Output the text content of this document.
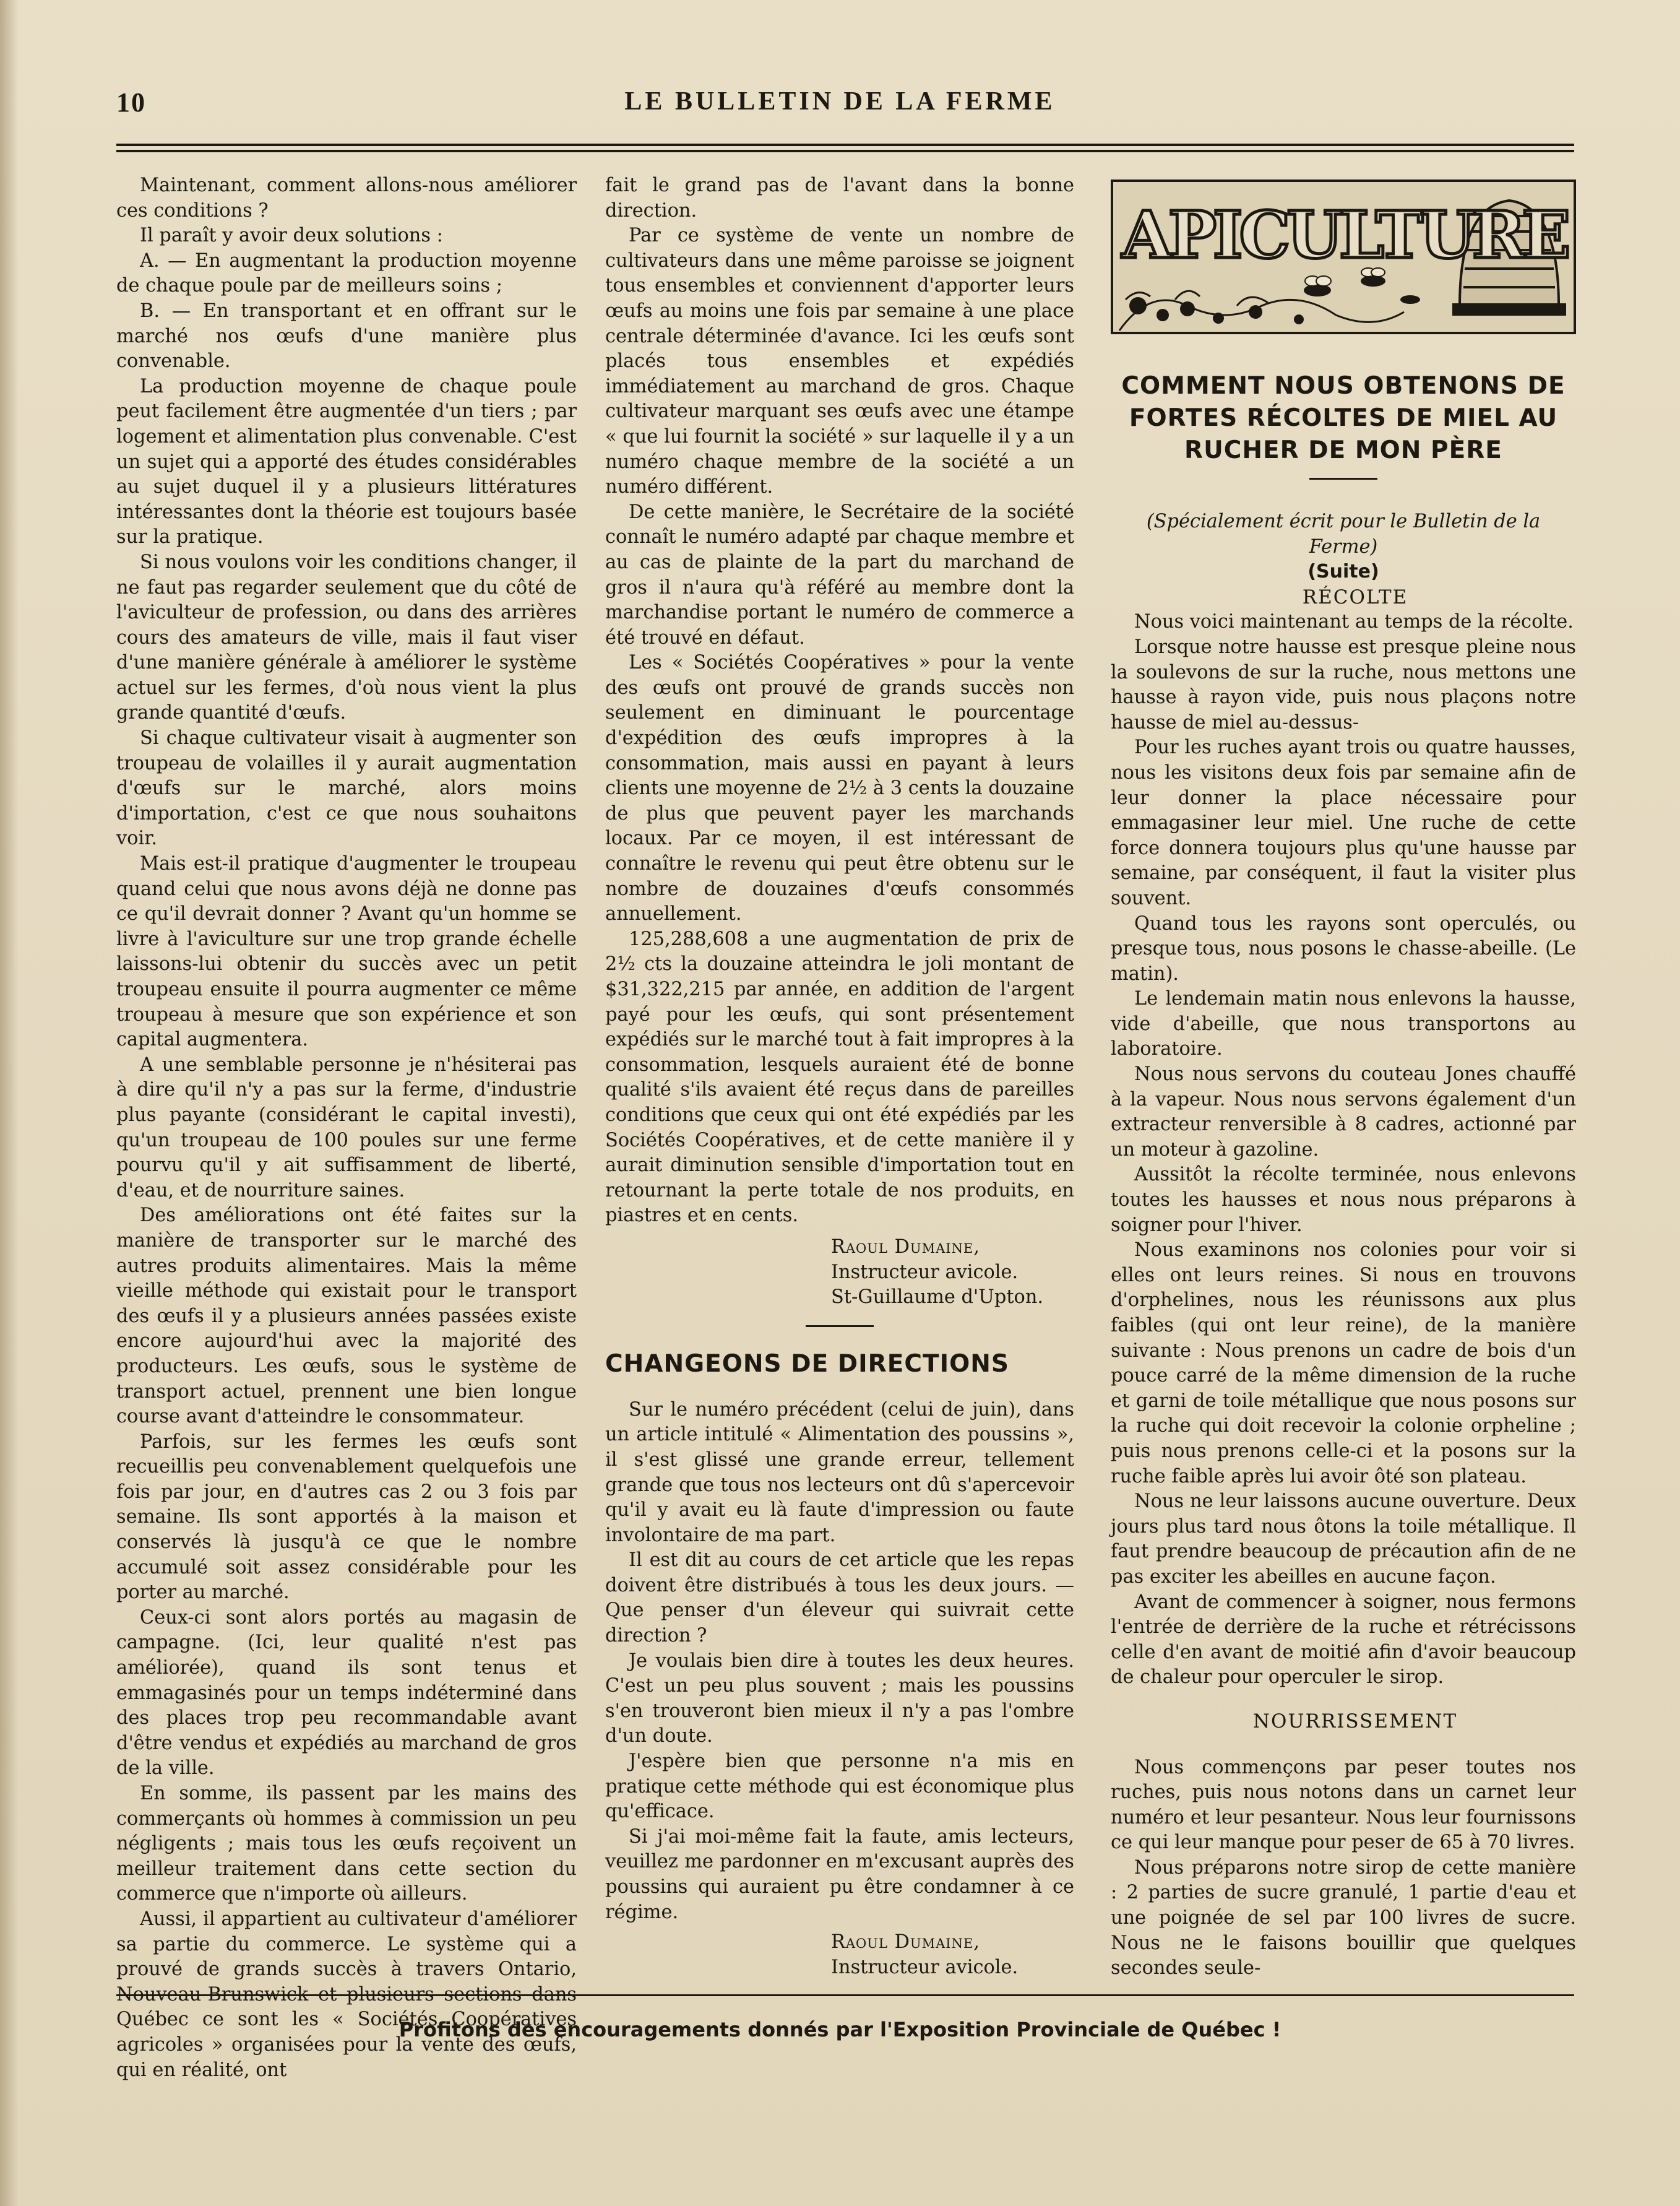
10	LE BULLETIN DE LA FERME

Maintenant, comment allons-nous améliorer ces conditions ?

Il paraît y avoir deux solutions :

A. — En augmentant la production moyenne de chaque poule par de meilleurs soins ;

B. — En transportant et en offrant sur le marché nos œufs d'une manière plus convenable.

La production moyenne de chaque poule peut facilement être augmentée d'un tiers ; par logement et alimentation plus convenable. C'est un sujet qui a apporté des études considérables au sujet duquel il y a plusieurs littératures intéressantes dont la théorie est toujours basée sur la pratique.

Si nous voulons voir les conditions changer, il ne faut pas regarder seulement que du côté de l'aviculteur de profession, ou dans des arrières cours des amateurs de ville, mais il faut viser d'une manière générale à améliorer le système actuel sur les fermes, d'où nous vient la plus grande quantité d'œufs.

Si chaque cultivateur visait à augmenter son troupeau de volailles il y aurait augmentation d'œufs sur le marché, alors moins d'importation, c'est ce que nous souhaitons voir.

Mais est-il pratique d'augmenter le troupeau quand celui que nous avons déjà ne donne pas ce qu'il devrait donner ? Avant qu'un homme se livre à l'aviculture sur une trop grande échelle laissons-lui obtenir du succès avec un petit troupeau ensuite il pourra augmenter ce même troupeau à mesure que son expérience et son capital augmentera.

A une semblable personne je n'hésiterai pas à dire qu'il n'y a pas sur la ferme, d'industrie plus payante (considérant le capital investi), qu'un troupeau de 100 poules sur une ferme pourvu qu'il y ait suffisamment de liberté, d'eau, et de nourriture saines.

Des améliorations ont été faites sur la manière de transporter sur le marché des autres produits alimentaires. Mais la même vieille méthode qui existait pour le transport des œufs il y a plusieurs années passées existe encore aujourd'hui avec la majorité des producteurs. Les œufs, sous le système de transport actuel, prennent une bien longue course avant d'atteindre le consommateur.

Parfois, sur les fermes les œufs sont recueillis peu convenablement quelquefois une fois par jour, en d'autres cas 2 ou 3 fois par semaine. Ils sont apportés à la maison et conservés là jusqu'à ce que le nombre accumulé soit assez considérable pour les porter au marché.

Ceux-ci sont alors portés au magasin de campagne. (Ici, leur qualité n'est pas améliorée), quand ils sont tenus et emmagasinés pour un temps indéterminé dans des places trop peu recommandable avant d'être vendus et expédiés au marchand de gros de la ville.

En somme, ils passent par les mains des commerçants où hommes à commission un peu négligents ; mais tous les œufs reçoivent un meilleur traitement dans cette section du commerce que n'importe où ailleurs.

Aussi, il appartient au cultivateur d'améliorer sa partie du commerce. Le système qui a prouvé de grands succès à travers Ontario, Nouveau-Brunswick et plusieurs sections dans Québec ce sont les « Sociétés Coopératives agricoles » organisées pour la vente des œufs, qui en réalité, ont

fait le grand pas de l'avant dans la bonne direction.

Par ce système de vente un nombre de cultivateurs dans une même paroisse se joignent tous ensembles et conviennent d'apporter leurs œufs au moins une fois par semaine à une place centrale déterminée d'avance. Ici les œufs sont placés tous ensembles et expédiés immédiatement au marchand de gros. Chaque cultivateur marquant ses œufs avec une étampe « que lui fournit la société » sur laquelle il y a un numéro chaque membre de la société a un numéro différent.

De cette manière, le Secrétaire de la société connaît le numéro adapté par chaque membre et au cas de plainte de la part du marchand de gros il n'aura qu'à référé au membre dont la marchandise portant le numéro de commerce a été trouvé en défaut.

Les « Sociétés Coopératives » pour la vente des œufs ont prouvé de grands succès non seulement en diminuant le pourcentage d'expédition des œufs impropres à la consommation, mais aussi en payant à leurs clients une moyenne de 2½ à 3 cents la douzaine de plus que peuvent payer les marchands locaux. Par ce moyen, il est intéressant de connaître le revenu qui peut être obtenu sur le nombre de douzaines d'œufs consommés annuellement.

125,288,608 a une augmentation de prix de 2½ cts la douzaine atteindra le joli montant de $31,322,215 par année, en addition de l'argent payé pour les œufs, qui sont présentement expédiés sur le marché tout à fait impropres à la consommation, lesquels auraient été de bonne qualité s'ils avaient été reçus dans de pareilles conditions que ceux qui ont été expédiés par les Sociétés Coopératives, et de cette manière il y aurait diminution sensible d'importation tout en retournant la perte totale de nos produits, en piastres et en cents.

Raoul Dumaine,

Instructeur avicole.

St-Guillaume d'Upton.

CHANGEONS DE DIRECTIONS

Sur le numéro précédent (celui de juin), dans un article intitulé « Alimentation des poussins », il s'est glissé une grande erreur, tellement grande que tous nos lecteurs ont dû s'apercevoir qu'il y avait eu là faute d'impression ou faute involontaire de ma part.

Il est dit au cours de cet article que les repas doivent être distribués à tous les deux jours. — Que penser d'un éleveur qui suivrait cette direction ?

Je voulais bien dire à toutes les deux heures. C'est un peu plus souvent ; mais les poussins s'en trouveront bien mieux il n'y a pas l'ombre d'un doute.

J'espère bien que personne n'a mis en pratique cette méthode qui est économique plus qu'efficace.

Si j'ai moi-même fait la faute, amis lecteurs, veuillez me pardonner en m'excusant auprès des poussins qui auraient pu être condamner à ce régime.

Raoul Dumaine,

Instructeur avicole.

APICULTURE
COMMENT NOUS OBTENONS DE FORTES RÉCOLTES DE MIEL AU RUCHER DE MON PÈRE

(Spécialement écrit pour le Bulletin de la Ferme)

(Suite)

RÉCOLTE

Nous voici maintenant au temps de la récolte.

Lorsque notre hausse est presque pleine nous la soulevons de sur la ruche, nous mettons une hausse à rayon vide, puis nous plaçons notre hausse de miel au-dessus-

Pour les ruches ayant trois ou quatre hausses, nous les visitons deux fois par semaine afin de leur donner la place nécessaire pour emmagasiner leur miel. Une ruche de cette force donnera toujours plus qu'une hausse par semaine, par conséquent, il faut la visiter plus souvent.

Quand tous les rayons sont operculés, ou presque tous, nous posons le chasse-abeille. (Le matin).

Le lendemain matin nous enlevons la hausse, vide d'abeille, que nous transportons au laboratoire.

Nous nous servons du couteau Jones chauffé à la vapeur. Nous nous servons également d'un extracteur renversible à 8 cadres, actionné par un moteur à gazoline.

Aussitôt la récolte terminée, nous enlevons toutes les hausses et nous nous préparons à soigner pour l'hiver.

Nous examinons nos colonies pour voir si elles ont leurs reines. Si nous en trouvons d'orphelines, nous les réunissons aux plus faibles (qui ont leur reine), de la manière suivante : Nous prenons un cadre de bois d'un pouce carré de la même dimension de la ruche et garni de toile métallique que nous posons sur la ruche qui doit recevoir la colonie orpheline ; puis nous prenons celle-ci et la posons sur la ruche faible après lui avoir ôté son plateau.

Nous ne leur laissons aucune ouverture. Deux jours plus tard nous ôtons la toile métallique. Il faut prendre beaucoup de précaution afin de ne pas exciter les abeilles en aucune façon.

Avant de commencer à soigner, nous fermons l'entrée de derrière de la ruche et rétrécissons celle d'en avant de moitié afin d'avoir beaucoup de chaleur pour operculer le sirop.

NOURRISSEMENT

Nous commençons par peser toutes nos ruches, puis nous notons dans un carnet leur numéro et leur pesanteur. Nous leur fournissons ce qui leur manque pour peser de 65 à 70 livres.

Nous préparons notre sirop de cette manière : 2 parties de sucre granulé, 1 partie d'eau et une poignée de sel par 100 livres de sucre. Nous ne le faisons bouillir que quelques secondes seule-

Profitons des encouragements donnés par l'Exposition Provinciale de Québec !
